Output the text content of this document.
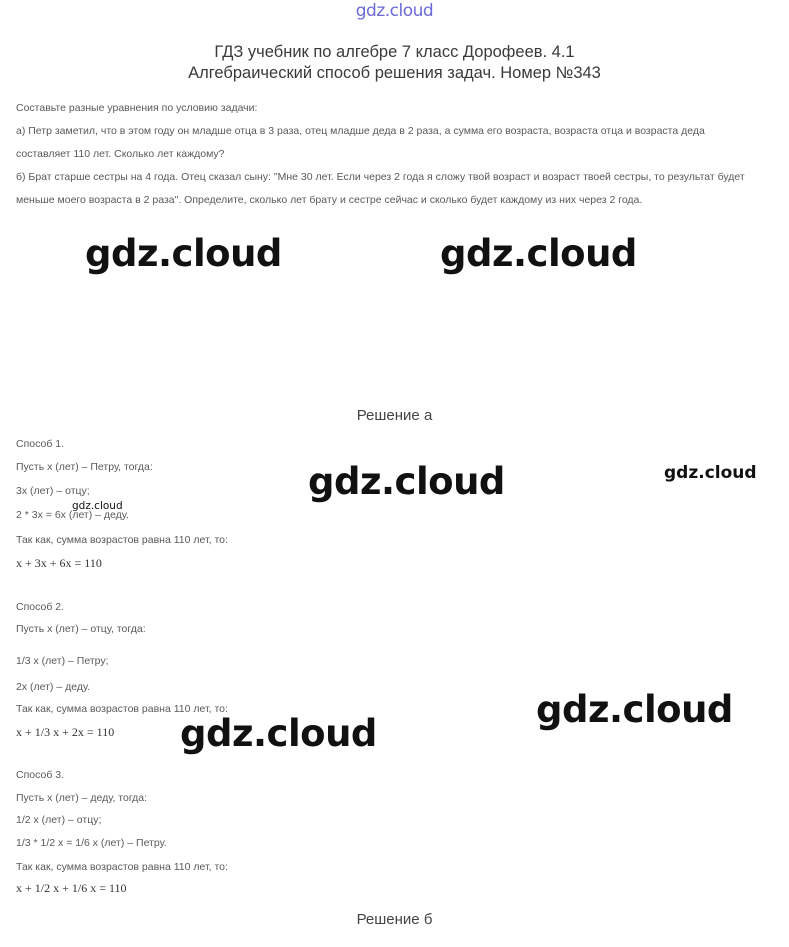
gdz.cloud
ГДЗ учебник по алгебре 7 класс Дорофеев. 4.1
Алгебраический способ решения задач. Номер №343
Составьте разные уравнения по условию задачи:
а) Петр заметил, что в этом году он младше отца в 3 раза, отец младше деда в 2 раза, а сумма его возраста, возраста отца и возраста деда
составляет 110 лет. Сколько лет каждому?
б) Брат старше сестры на 4 года. Отец сказал сыну: "Мне 30 лет. Если через 2 года я сложу твой возраст и возраст твоей сестры, то результат будет
меньше моего возраста в 2 раза". Определите, сколько лет брату и сестре сейчас и сколько будет каждому из них через 2 года.
gdz.cloud	gdz.cloud
gdz.cloud	gdz.cloud
gdz.cloud
gdz.cloud
gdz.cloud
Решение а
Способ 1.
Пусть x (лет) – Петру, тогда:
3x (лет) – отцу;
2 * 3x = 6x (лет) – деду.
Так как, сумма возрастов равна 110 лет, то:
x + 3x + 6x = 110
Способ 2.
Пусть x (лет) – отцу, тогда:
1/3 x (лет) – Петру;
2x (лет) – деду.
Так как, сумма возрастов равна 110 лет, то:
x + 1/3 x + 2x = 110
Способ 3.
Пусть x (лет) – деду, тогда:
1/2 x (лет) – отцу;
1/3 * 1/2 x = 1/6 x (лет) – Петру.
Так как, сумма возрастов равна 110 лет, то:
x + 1/2 x + 1/6 x = 110
Решение б
